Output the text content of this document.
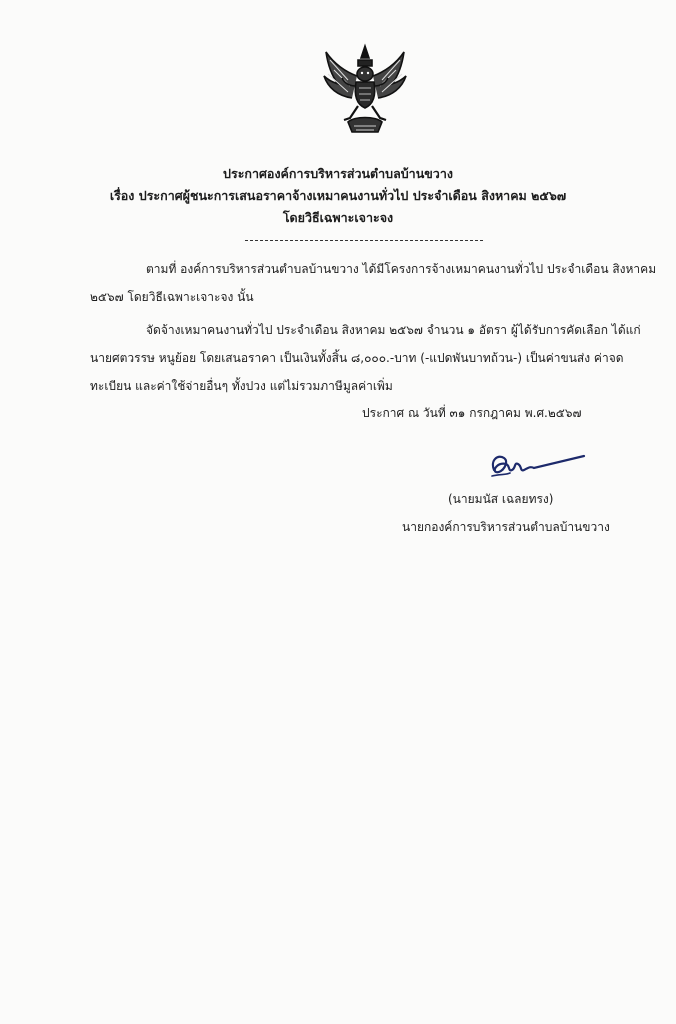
ประกาศองค์การบริหารส่วนตำบลบ้านขวาง
เรื่อง ประกาศผู้ชนะการเสนอราคาจ้างเหมาคนงานทั่วไป ประจำเดือน สิงหาคม ๒๕๖๗
โดยวิธีเฉพาะเจาะจง
ตามที่ องค์การบริหารส่วนตำบลบ้านขวาง ได้มีโครงการจ้างเหมาคนงานทั่วไป ประจำเดือน สิงหาคม
๒๕๖๗ โดยวิธีเฉพาะเจาะจง นั้น
จัดจ้างเหมาคนงานทั่วไป ประจำเดือน สิงหาคม ๒๕๖๗ จำนวน ๑ อัตรา ผู้ได้รับการคัดเลือก ได้แก่
นายศตวรรษ หนูย้อย โดยเสนอราคา เป็นเงินทั้งสิ้น ๘,๐๐๐.-บาท (-แปดพันบาทถ้วน-) เป็นค่าขนส่ง ค่าจด
ทะเบียน และค่าใช้จ่ายอื่นๆ ทั้งปวง แต่ไม่รวมภาษีมูลค่าเพิ่ม
ประกาศ ณ วันที่ ๓๑ กรกฎาคม พ.ศ.๒๕๖๗
(นายมนัส เฉลยทรง)
นายกองค์การบริหารส่วนตำบลบ้านขวาง
